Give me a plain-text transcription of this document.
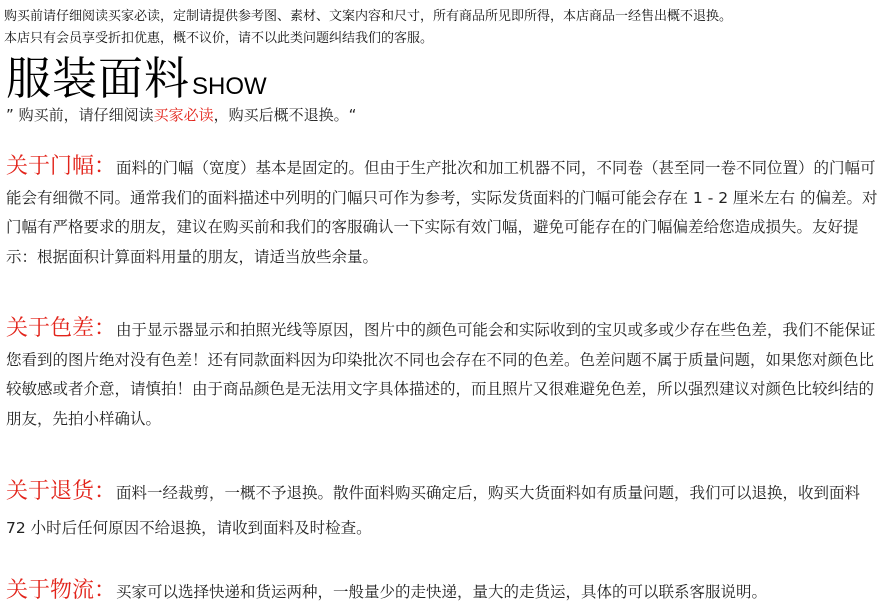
购买前请仔细阅读买家必读，定制请提供参考图、素材、文案内容和尺寸，所有商品所见即所得，本店商品一经售出概不退换。

本店只有会员享受折扣优惠，概不议价，请不以此类问题纠结我们的客服。

服装面料 SHOW
” 购买前，请仔细阅读买家必读，购买后概不退换。“

关于门幅：面料的门幅（宽度）基本是固定的。但由于生产批次和加工机器不同，不同卷（甚至同一卷不同位置）的门幅可能会有细微不同。通常我们的面料描述中列明的门幅只可作为参考，实际发货面料的门幅可能会存在 1 - 2 厘米左右 的偏差。对门幅有严格要求的朋友，建议在购买前和我们的客服确认一下实际有效门幅，避免可能存在的门幅偏差给您造成损失。友好提示：根据面积计算面料用量的朋友，请适当放些余量。

关于色差：由于显示器显示和拍照光线等原因，图片中的颜色可能会和实际收到的宝贝或多或少存在些色差，我们不能保证您看到的图片绝对没有色差！还有同款面料因为印染批次不同也会存在不同的色差。色差问题不属于质量问题，如果您对颜色比较敏感或者介意，请慎拍！由于商品颜色是无法用文字具体描述的，而且照片又很难避免色差，所以强烈建议对颜色比较纠结的朋友，先拍小样确认。

关于退货：面料一经裁剪，一概不予退换。散件面料购买确定后，购买大货面料如有质量问题，我们可以退换，收到面料 72 小时后任何原因不给退换，请收到面料及时检查。

关于物流：买家可以选择快递和货运两种，一般量少的走快递，量大的走货运，具体的可以联系客服说明。
